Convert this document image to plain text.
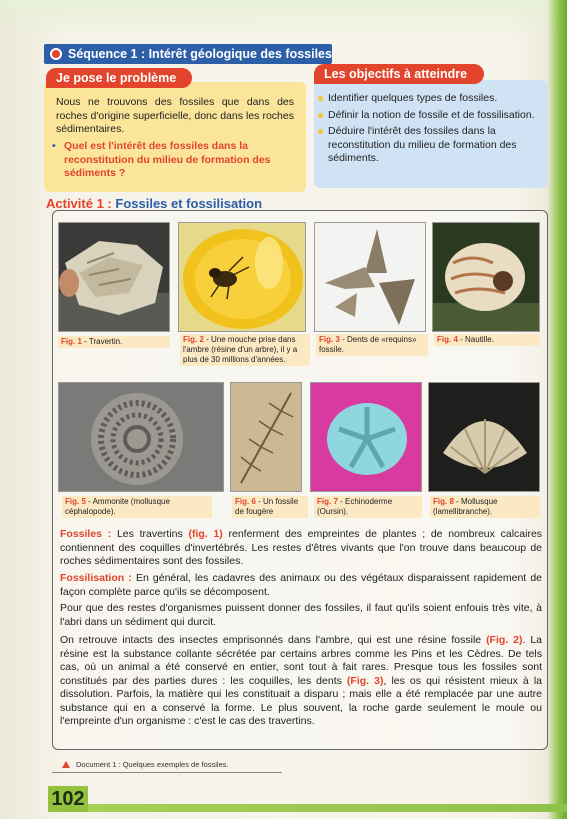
Séquence 1 : Intérêt géologique des fossiles

Nous ne trouvons des fossiles que dans des roches d'origine superficielle, donc dans les roches sédimentaires.

• Quel est l'intérêt des fossiles dans la reconstitution du milieu de formation des sédiments ?

Je pose le problème
Identifier quelques types de fossiles.
Définir la notion de fossile et de fossilisation.
Déduire l'intérêt des fossiles dans la reconstitution du milieu de formation des sédiments.
Les objectifs à atteindre
Activité 1 : Fossiles et fossilisation
Fig. 1 - Travertin.	Fig. 2 - Une mouche prise dans l'ambre (résine d'un arbre), il y a plus de 30 millions d'années.
Fig. 3 - Dents de «requins» fossile.
Fig. 4 - Nautille.
Fig. 5 - Ammonite (mollusque céphalopode).
Fig. 6 - Un fossile de fougère
Fig. 7 - Echinoderme (Oursin).
Fig. 8 - Mollusque (lamellibranche).

Fossiles : Les travertins (fig. 1) renferment des empreintes de plantes ; de nombreux calcaires contiennent des coquilles d'invertébrés. Les restes d'êtres vivants que l'on trouve dans beaucoup de roches sédimentaires sont des fossiles.

Fossilisation : En général, les cadavres des animaux ou des végétaux disparaissent rapidement de façon complète parce qu'ils se décomposent.

Pour que des restes d'organismes puissent donner des fossiles, il faut qu'ils soient enfouis très vite, à l'abri dans un sédiment qui durcit.

On retrouve intacts des insectes emprisonnés dans l'ambre, qui est une résine fossile (Fig. 2). La résine est la substance collante sécrétée par certains arbres comme les Pins et les Cèdres. De tels cas, où un animal a été conservé en entier, sont tout à fait rares. Presque tous les fossiles sont constitués par des parties dures : les coquilles, les dents (Fig. 3), les os qui résistent mieux à la dissolution. Parfois, la matière qui les constituait a disparu ; mais elle a été remplacée par une autre substance qui en a conservé la forme. Le plus souvent, la roche garde seulement le moule ou l'empreinte d'un organisme : c'est le cas des travertins.

Document 1 : Quelques exemples de fossiles.
102
